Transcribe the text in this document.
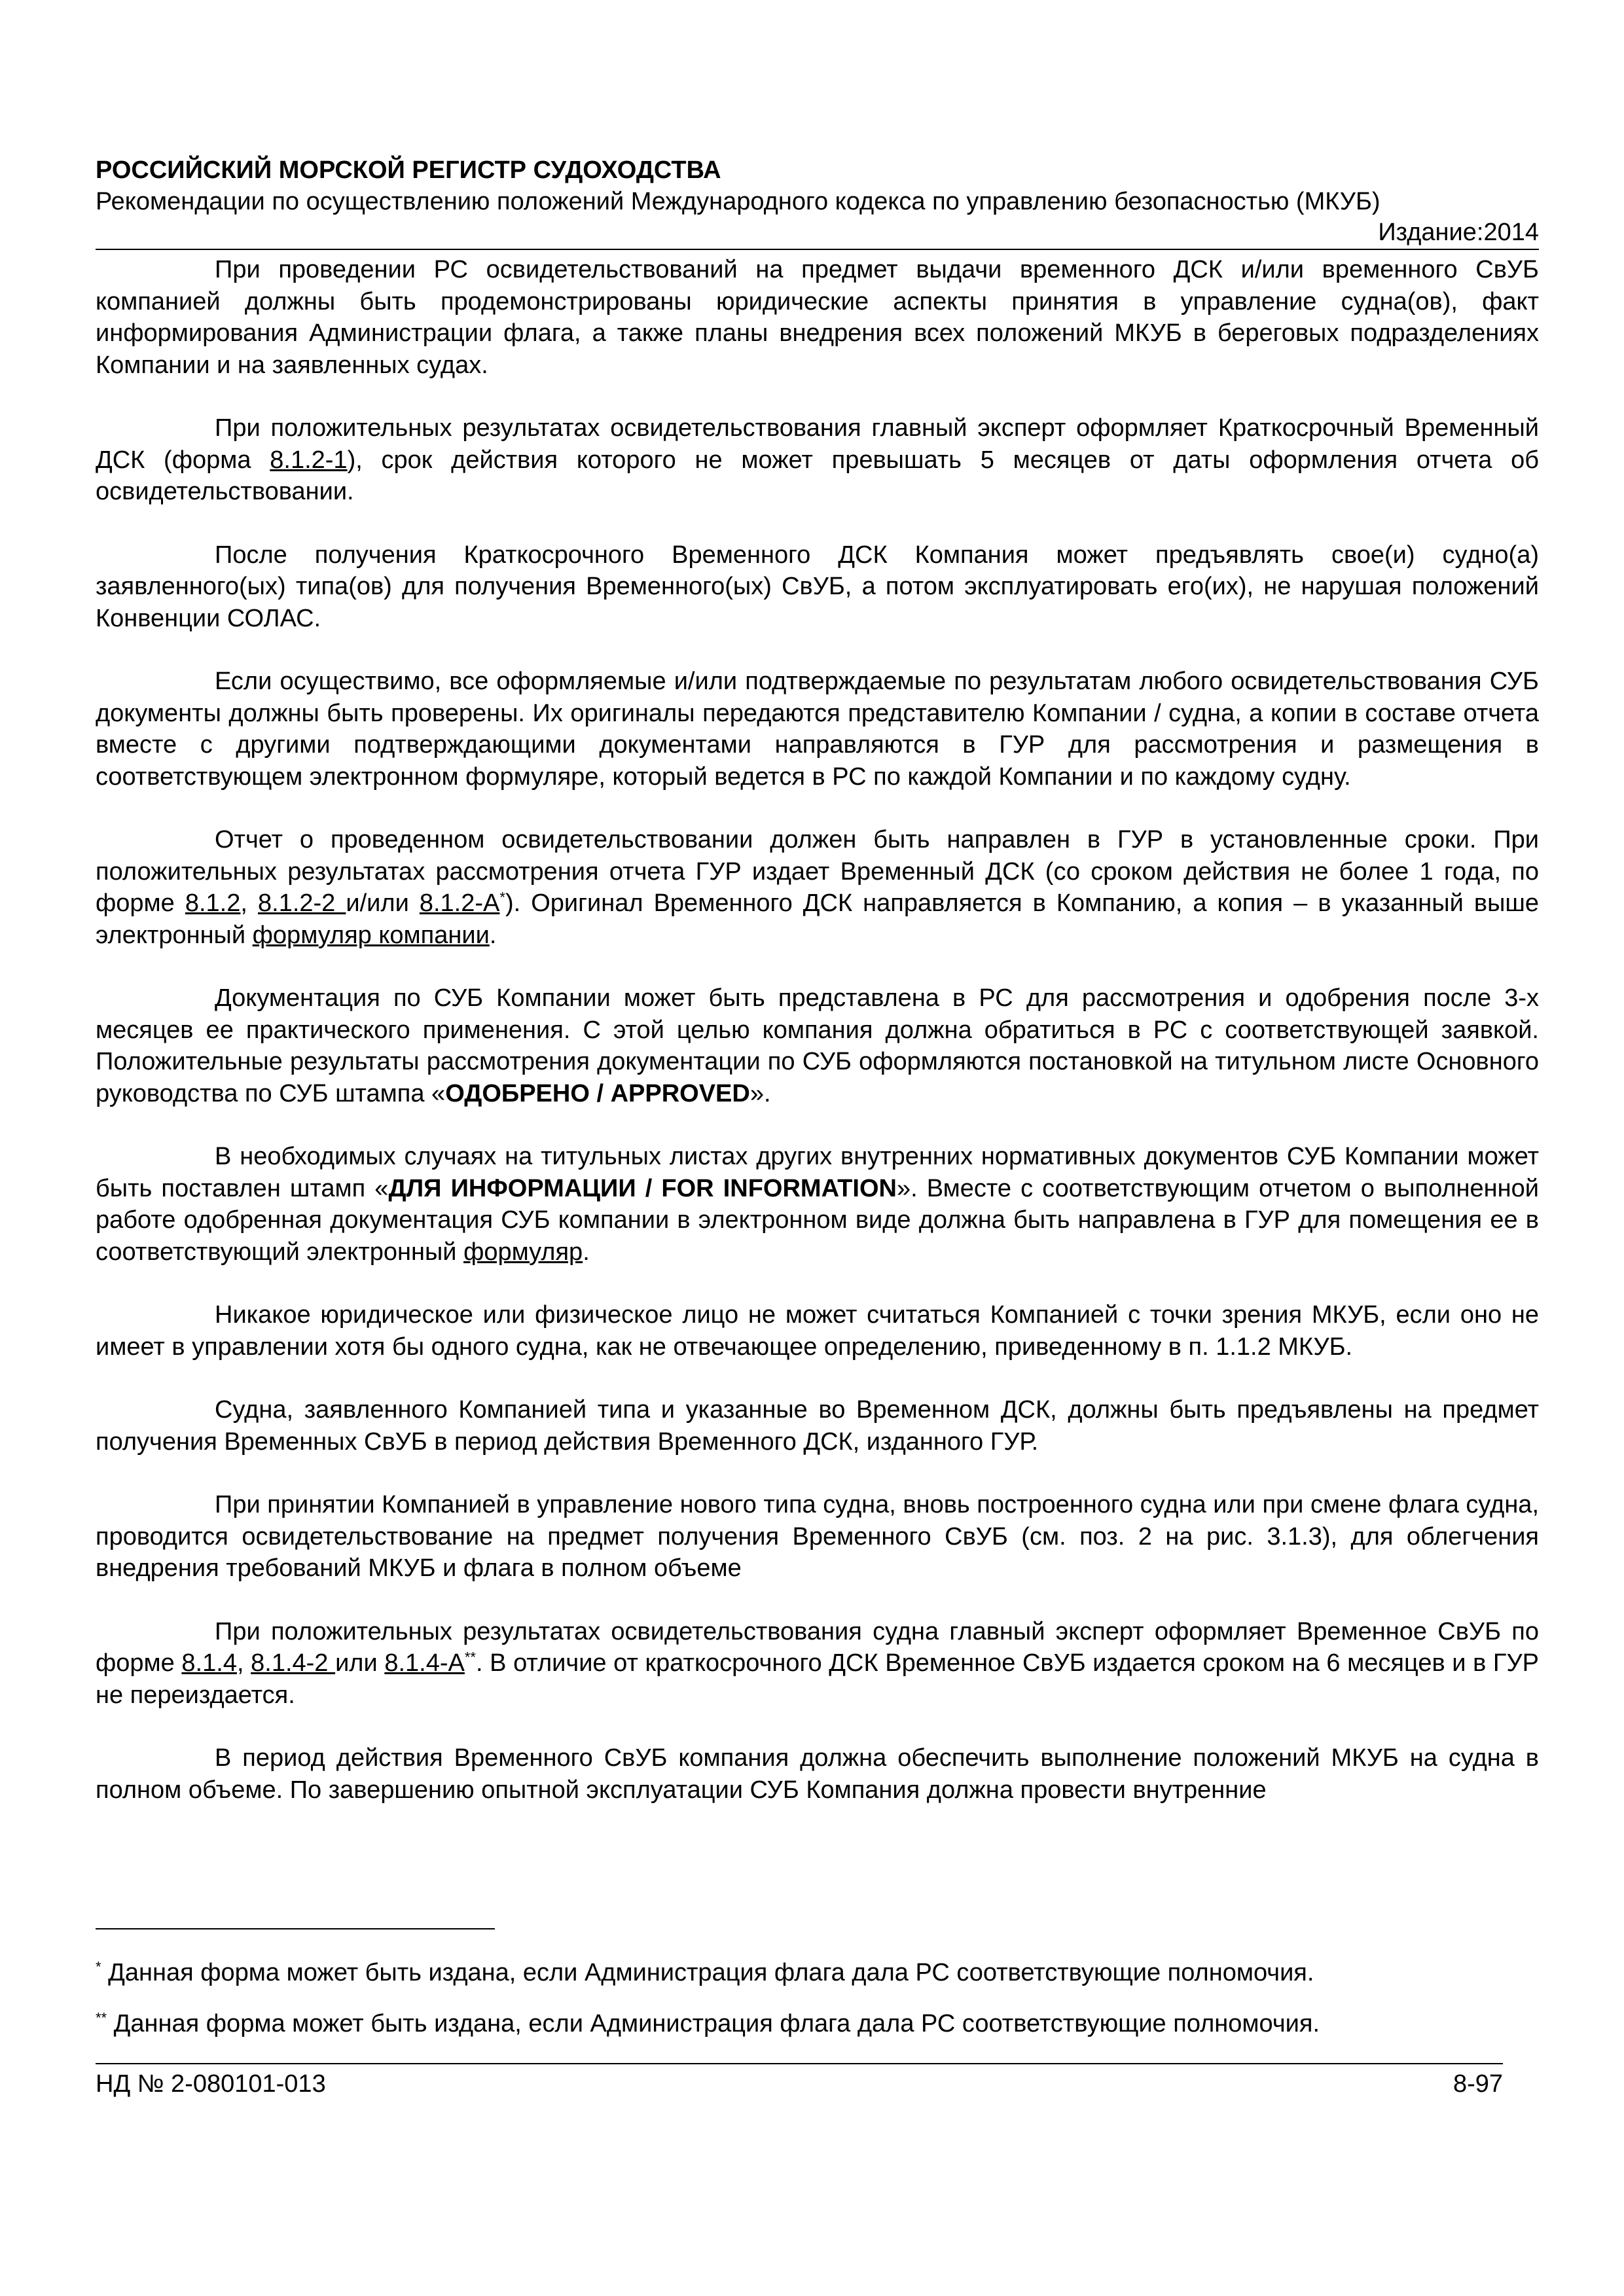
РОССИЙСКИЙ МОРСКОЙ РЕГИСТР СУДОХОДСТВА

Рекомендации по осуществлению положений Международного кодекса по управлению безопасностью (МКУБ)

Издание:2014

При проведении РС освидетельствований на предмет выдачи временного ДСК и/или временного СвУБ компанией должны быть продемонстрированы юридические аспекты принятия в управление судна(ов), факт информирования Администрации флага, а также планы внедрения всех положений МКУБ в береговых подразделениях Компании и на заявленных судах.

При положительных результатах освидетельствования главный эксперт оформляет Краткосрочный Временный ДСК (форма 8.1.2-1), срок действия которого не может превышать 5 месяцев от даты оформления отчета об освидетельствовании.

После получения Краткосрочного Временного ДСК Компания может предъявлять свое(и) судно(а) заявленного(ых) типа(ов) для получения Временного(ых) СвУБ, а потом эксплуатировать его(их), не нарушая положений Конвенции СОЛАС.

Если осуществимо, все оформляемые и/или подтверждаемые по результатам любого освидетельствования СУБ документы должны быть проверены. Их оригиналы передаются представителю Компании / судна, а копии в составе отчета вместе с другими подтверждающими документами направляются в ГУР для рассмотрения и размещения в соответствующем электронном формуляре, который ведется в РС по каждой Компании и по каждому судну.

Отчет о проведенном освидетельствовании должен быть направлен в ГУР в установленные сроки. При положительных результатах рассмотрения отчета ГУР издает Временный ДСК (со сроком действия не более 1 года, по форме 8.1.2, 8.1.2-2 и/или 8.1.2-А*). Оригинал Временного ДСК направляется в Компанию, а копия – в указанный выше электронный формуляр компании.

Документация по СУБ Компании может быть представлена в РС для рассмотрения и одобрения после 3-х месяцев ее практического применения. С этой целью компания должна обратиться в РС с соответствующей заявкой. Положительные результаты рассмотрения документации по СУБ оформляются постановкой на титульном листе Основного руководства по СУБ штампа «ОДОБРЕНО / APPROVED».

В необходимых случаях на титульных листах других внутренних нормативных документов СУБ Компании может быть поставлен штамп «ДЛЯ ИНФОРМАЦИИ / FOR INFORMATION». Вместе с соответствующим отчетом о выполненной работе одобренная документация СУБ компании в электронном виде должна быть направлена в ГУР для помещения ее в соответствующий электронный формуляр.

Никакое юридическое или физическое лицо не может считаться Компанией с точки зрения МКУБ, если оно не имеет в управлении хотя бы одного судна, как не отвечающее определению, приведенному в п. 1.1.2 МКУБ.

Судна, заявленного Компанией типа и указанные во Временном ДСК, должны быть предъявлены на предмет получения Временных СвУБ в период действия Временного ДСК, изданного ГУР.

При принятии Компанией в управление нового типа судна, вновь построенного судна или при смене флага судна, проводится освидетельствование на предмет получения Временного СвУБ (см. поз. 2 на рис. 3.1.3), для облегчения внедрения требований МКУБ и флага в полном объеме

При положительных результатах освидетельствования судна главный эксперт оформляет Временное СвУБ по форме 8.1.4, 8.1.4-2 или 8.1.4-А**. В отличие от краткосрочного ДСК Временное СвУБ издается сроком на 6 месяцев и в ГУР не переиздается.

В период действия Временного СвУБ компания должна обеспечить выполнение положений МКУБ на судна в полном объеме. По завершению опытной эксплуатации СУБ Компания должна провести внутренние

* Данная форма может быть издана, если Администрация флага дала РС соответствующие полномочия.

** Данная форма может быть издана, если Администрация флага дала РС соответствующие полномочия.

НД № 2-080101-013	8-97
